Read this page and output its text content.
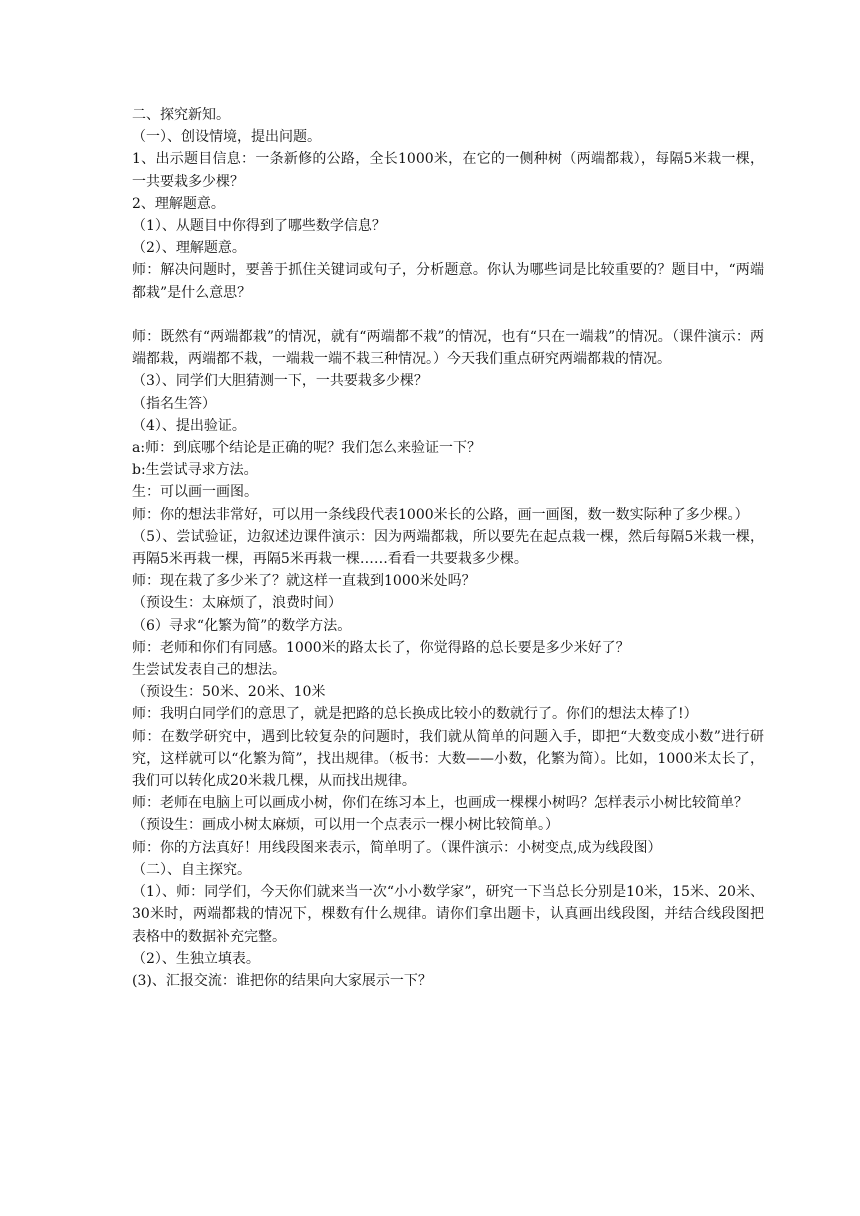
二、探究新知。

（一）、创设情境，提出问题。

1、出示题目信息：一条新修的公路，全长1000米，在它的一侧种树（两端都栽），每隔5米栽一棵，一共要栽多少棵？

2、理解题意。

（1）、从题目中你得到了哪些数学信息？

（2）、理解题意。

师：解决问题时，要善于抓住关键词或句子，分析题意。你认为哪些词是比较重要的？题目中，“两端都栽”是什么意思？

师：既然有“两端都栽”的情况，就有“两端都不栽”的情况，也有“只在一端栽”的情况。（课件演示：两端都栽，两端都不栽，一端栽一端不栽三种情况。）今天我们重点研究两端都栽的情况。

（3）、同学们大胆猜测一下，一共要栽多少棵？

（指名生答）

（4）、提出验证。

a:师：到底哪个结论是正确的呢？我们怎么来验证一下？

b:生尝试寻求方法。

生：可以画一画图。

师：你的想法非常好，可以用一条线段代表1000米长的公路，画一画图，数一数实际种了多少棵。）

（5）、尝试验证，边叙述边课件演示：因为两端都栽，所以要先在起点栽一棵，然后每隔5米栽一棵，再隔5米再栽一棵，再隔5米再栽一棵……看看一共要栽多少棵。

师：现在栽了多少米了？就这样一直栽到1000米处吗？

（预设生：太麻烦了，浪费时间）

（6）寻求“化繁为简”的数学方法。

师：老师和你们有同感。1000米的路太长了，你觉得路的总长要是多少米好了？

生尝试发表自己的想法。

（预设生：50米、20米、10米

师：我明白同学们的意思了，就是把路的总长换成比较小的数就行了。你们的想法太棒了!）

师：在数学研究中，遇到比较复杂的问题时，我们就从简单的问题入手，即把“大数变成小数”进行研究，这样就可以“化繁为简”，找出规律。（板书：大数——小数，化繁为简）。比如，1000米太长了，我们可以转化成20米栽几棵，从而找出规律。

师：老师在电脑上可以画成小树，你们在练习本上，也画成一棵棵小树吗？怎样表示小树比较简单？

（预设生：画成小树太麻烦，可以用一个点表示一棵小树比较简单。）

师：你的方法真好！用线段图来表示，简单明了。（课件演示：小树变点,成为线段图）

（二）、自主探究。

（1）、师：同学们，今天你们就来当一次“小小数学家”，研究一下当总长分别是10米，15米、20米、30米时，两端都栽的情况下，棵数有什么规律。请你们拿出题卡，认真画出线段图，并结合线段图把表格中的数据补充完整。

（2）、生独立填表。

(3)、汇报交流：谁把你的结果向大家展示一下？
